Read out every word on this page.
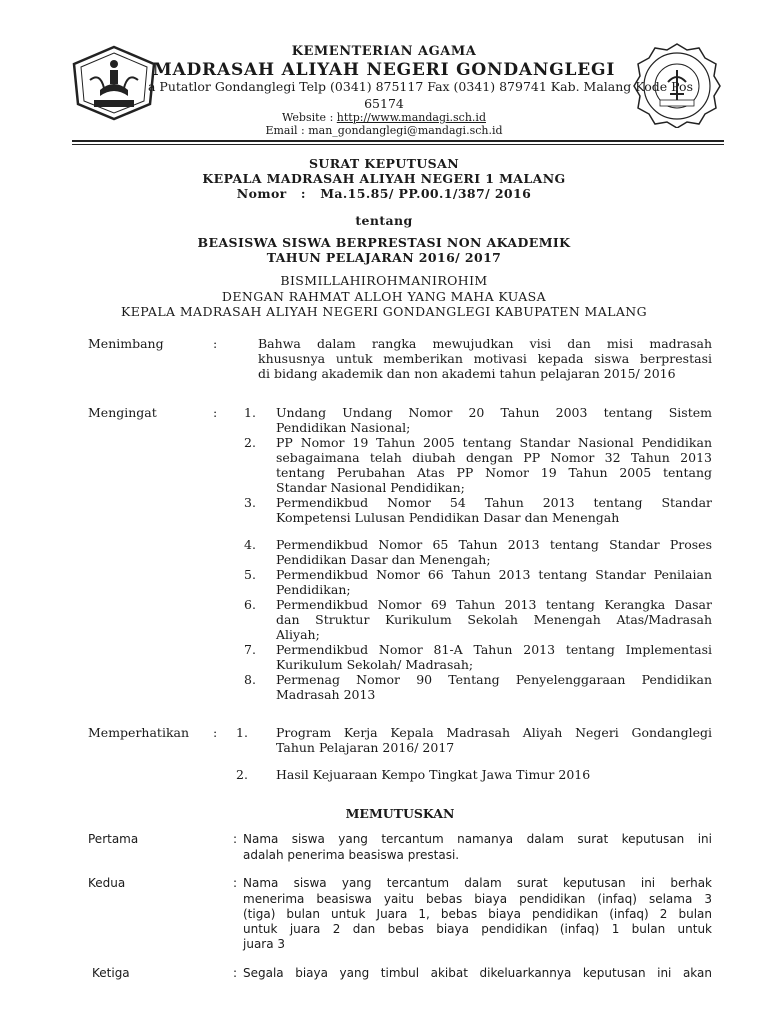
KEMENTERIAN AGAMA
MADRASAH ALIYAH NEGERI GONDANGLEGI
a Putatlor Gondanglegi Telp (0341) 875117 Fax (0341) 879741 Kab. Malang Kode Pos
65174
Website : http://www.mandagi.sch.id
Email : man_gondanglegi@mandagi.sch.id
SURAT KEPUTUSAN
KEPALA MADRASAH ALIYAH NEGERI 1 MALANG
Nomor   :   Ma.15.85/ PP.00.1/387/ 2016
tentang
BEASISWA SISWA BERPRESTASI NON AKADEMIK
TAHUN PELAJARAN 2016/ 2017
BISMILLAHIROHMANIROHIM
DENGAN RAHMAT ALLOH YANG MAHA KUASA
KEPALA MADRASAH ALIYAH NEGERI GONDANGLEGI KABUPATEN MALANG
Menimbang	:	Bahwa dalam rangka mewujudkan visi dan misi madrasah
khususnya untuk memberikan motivasi kepada siswa berprestasi
di bidang akademik dan non akademi tahun pelajaran 2015/ 2016
Mengingat	: 1. Undang Undang Nomor 20 Tahun 2003 tentang Sistem
Pendidikan Nasional;
2. PP Nomor 19 Tahun 2005 tentang Standar Nasional Pendidikan
sebagaimana telah diubah dengan PP Nomor 32 Tahun 2013
tentang Perubahan Atas PP Nomor 19 Tahun 2005 tentang
Standar Nasional Pendidikan;
3. Permendikbud Nomor 54 Tahun 2013 tentang Standar
Kompetensi Lulusan Pendidikan Dasar dan Menengah
4. Permendikbud Nomor 65 Tahun 2013 tentang Standar Proses
Pendidikan Dasar dan Menengah;
5. Permendikbud Nomor 66 Tahun 2013 tentang Standar Penilaian
Pendidikan;
6. Permendikbud Nomor 69 Tahun 2013 tentang Kerangka Dasar
dan Struktur Kurikulum Sekolah Menengah Atas/Madrasah
Aliyah;
7. Permendikbud Nomor 81-A Tahun 2013 tentang Implementasi
Kurikulum Sekolah/ Madrasah;
8. Permenag Nomor 90 Tentang Penyelenggaraan Pendidikan
Madrasah 2013
Memperhatikan : 1. Program Kerja Kepala Madrasah Aliyah Negeri Gondanglegi
Tahun Pelajaran 2016/ 2017
2. Hasil Kejuaraan Kempo Tingkat Jawa Timur 2016
MEMUTUSKAN
Pertama	: Nama siswa yang tercantum namanya dalam surat keputusan ini
adalah penerima beasiswa prestasi.
Kedua	: Nama siswa yang tercantum dalam surat keputusan ini berhak
menerima beasiswa yaitu bebas biaya pendidikan (infaq) selama 3
(tiga) bulan untuk Juara 1, bebas biaya pendidikan (infaq) 2 bulan
untuk juara 2 dan bebas biaya pendidikan (infaq) 1 bulan untuk
juara 3
Ketiga	: Segala biaya yang timbul akibat dikeluarkannya keputusan ini akan
